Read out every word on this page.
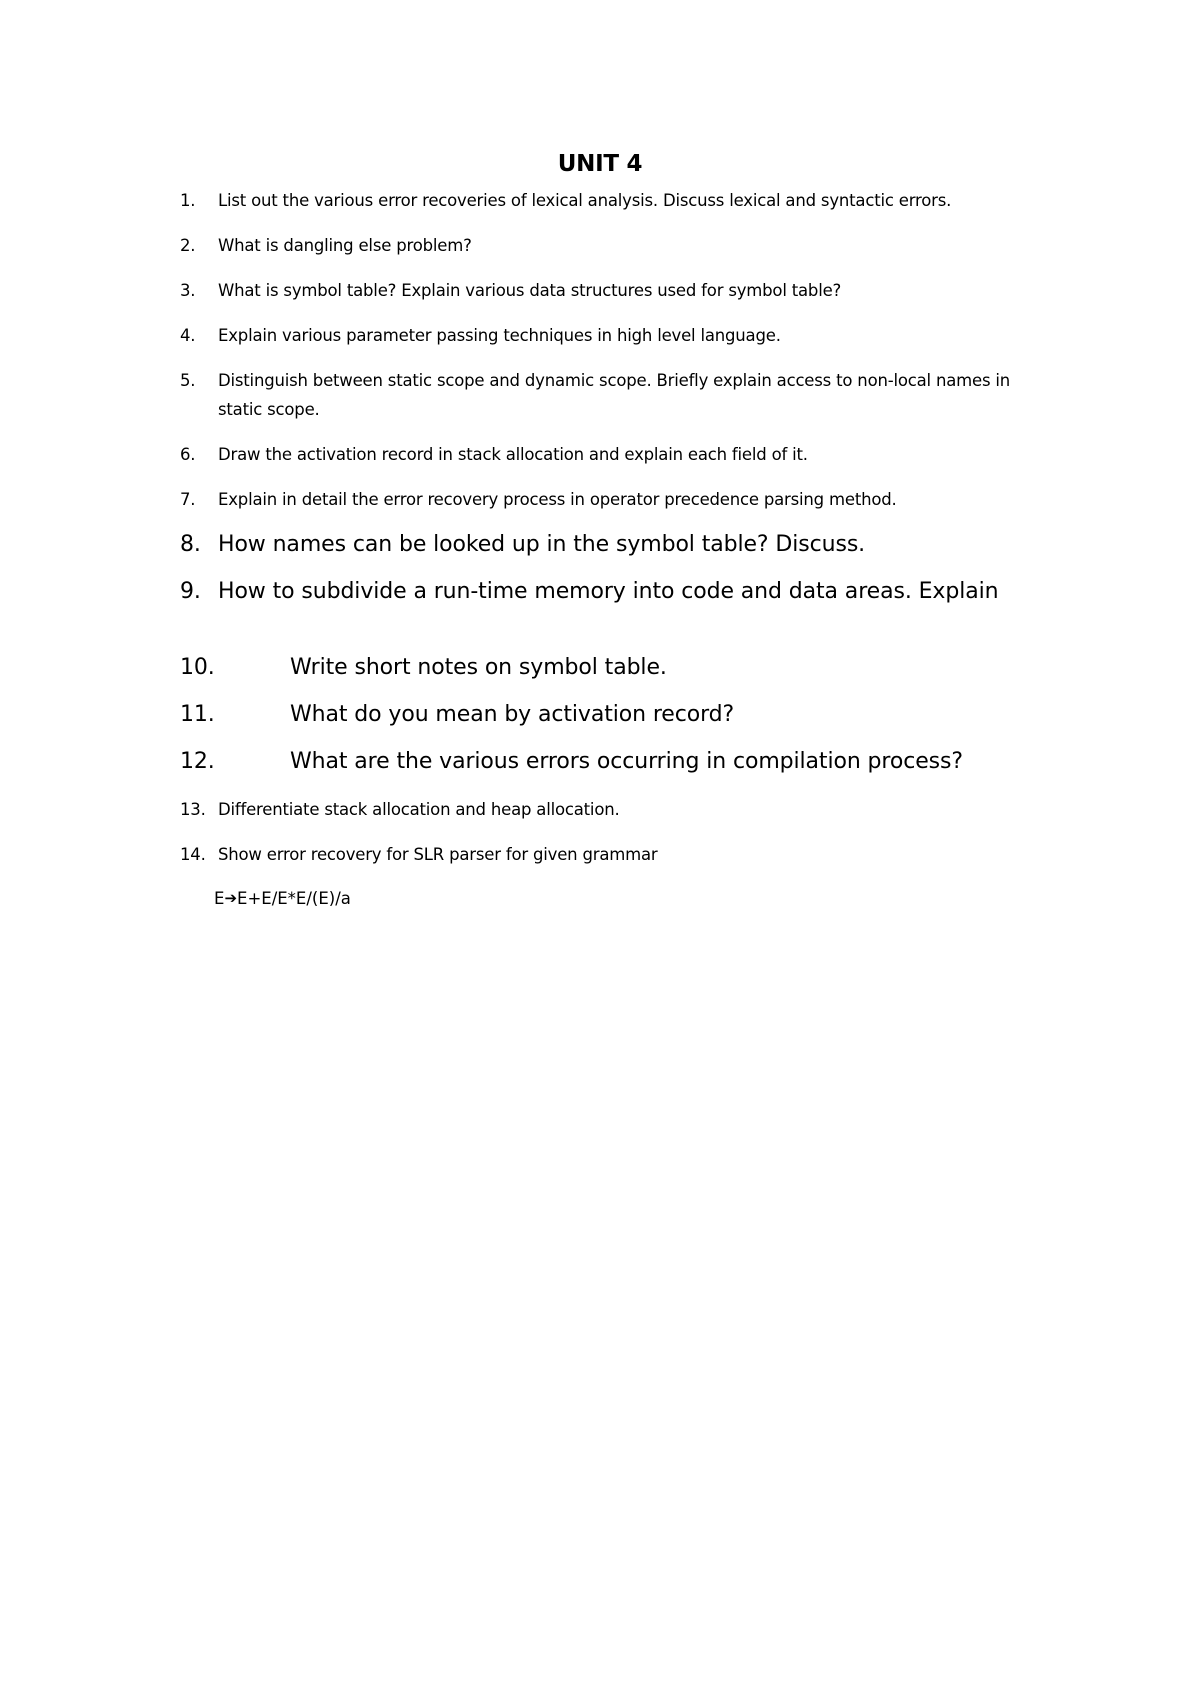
UNIT 4
1. List out the various error recoveries of lexical analysis. Discuss lexical and syntactic errors.
2. What is dangling else problem?
3. What is symbol table? Explain various data structures used for symbol table?
4. Explain various parameter passing techniques in high level language.
5. Distinguish between static scope and dynamic scope. Briefly explain access to non-local names in static scope.
6. Draw the activation record in stack allocation and explain each field of it.
7. Explain in detail the error recovery process in operator precedence parsing method.
8. How names can be looked up in the symbol table? Discuss.
9. How to subdivide a run-time memory into code and data areas. Explain
10.	Write short notes on symbol table.
11.	What do you mean by activation record?
12.	What are the various errors occurring in compilation process?
13. Differentiate stack allocation and heap allocation.
14. Show error recovery for SLR parser for given grammar
E➔E+E/E*E/(E)/a
